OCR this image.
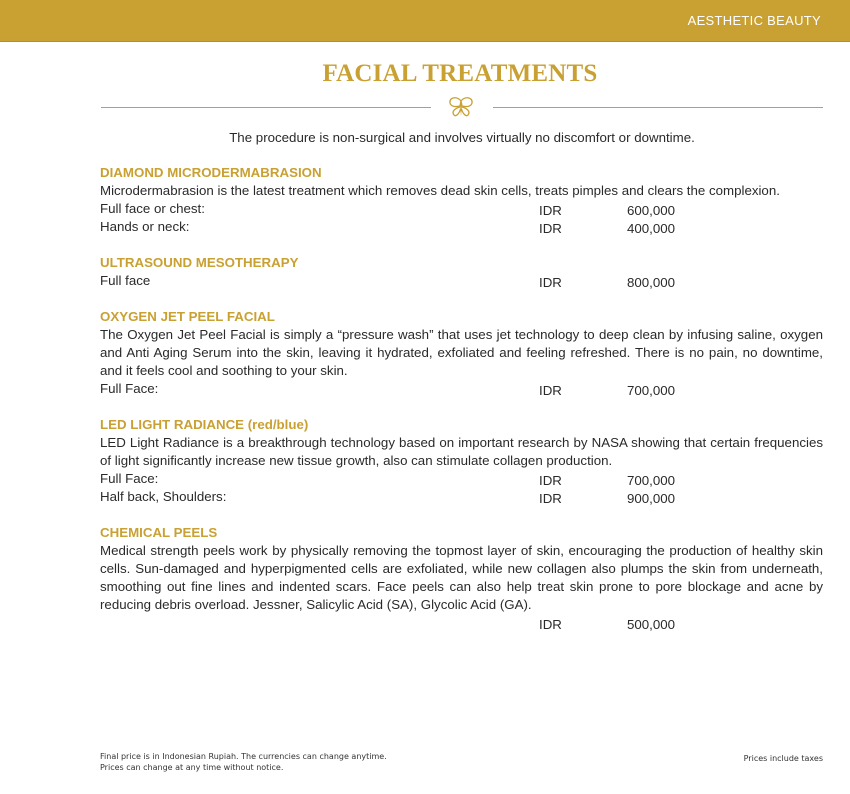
AESTHETIC BEAUTY
FACIAL TREATMENTS

The procedure is non-surgical and involves virtually no discomfort or downtime.

DIAMOND MICRODERMABRASION
Microdermabrasion is the latest treatment which removes dead skin cells, treats pimples and clears the complexion.
Full face or chest:	IDR	600,000
Hands or neck:	IDR	400,000
ULTRASOUND MESOTHERAPY
Full face	IDR	800,000
OXYGEN JET PEEL FACIAL
The Oxygen Jet Peel Facial is simply a “pressure wash” that uses jet technology to deep clean by infusing saline, oxygen and Anti Aging Serum into the skin, leaving it hydrated, exfoliated and feeling refreshed. There is no pain, no downtime, and it feels cool and soothing to your skin.
Full Face:	IDR	700,000
LED LIGHT RADIANCE (red/blue)
LED Light Radiance is a breakthrough technology based on important research by NASA showing that certain frequencies of light significantly increase new tissue growth, also can stimulate collagen production.
Full Face:	IDR	700,000
Half back, Shoulders:	IDR	900,000
CHEMICAL PEELS
Medical strength peels work by physically removing the topmost layer of skin, encouraging the production of healthy skin cells. Sun-damaged and hyperpigmented cells are exfoliated, while new collagen also plumps the skin from underneath, smoothing out fine lines and indented scars. Face peels can also help treat skin prone to pore blockage and acne by reducing debris overload. Jessner, Salicylic Acid (SA), Glycolic Acid (GA).
IDR	500,000
Final price is in Indonesian Rupiah. The currencies can change anytime.
Prices can change at any time without notice.
Prices include taxes
